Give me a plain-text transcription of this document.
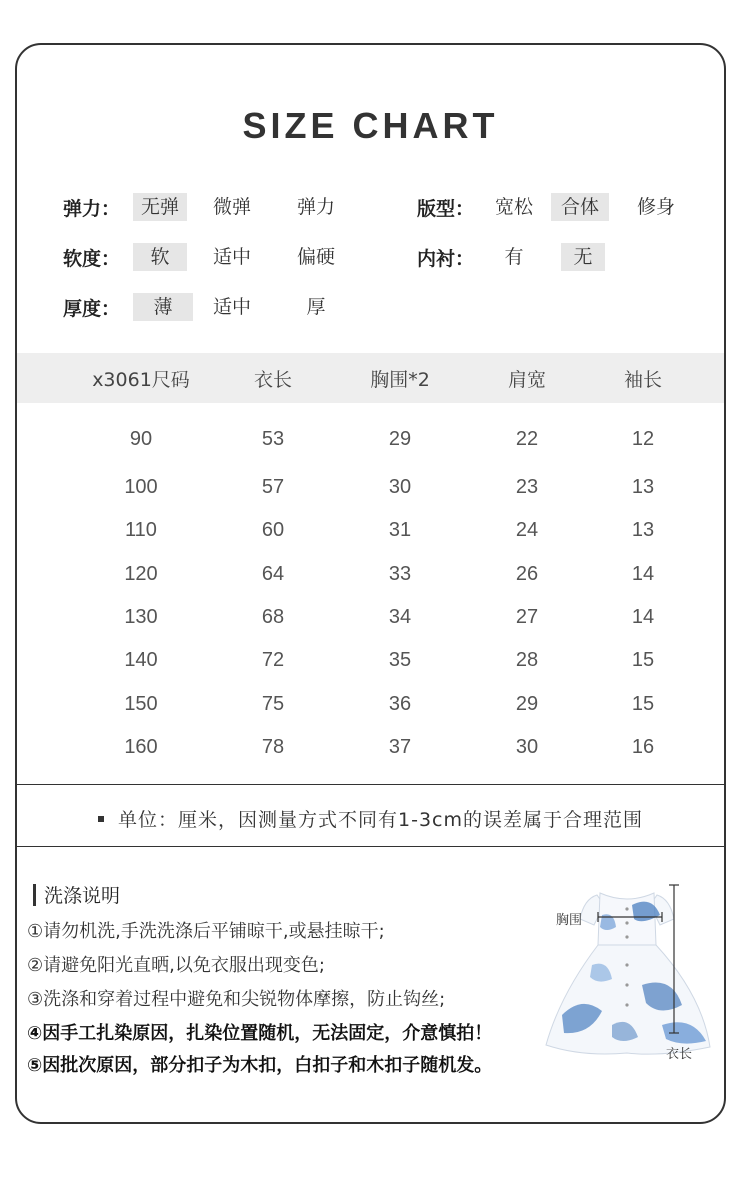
SIZE CHART
弹力：	无弹	微弹	弹力	版型：	宽松	合体	修身
软度：	软	适中	偏硬	内衬：	有	无
厚度：	薄	适中	厚
x3061尺码	衣长	胸围*2	肩宽	袖长
90	53	29	22	12
100	57	30	23	13
110	60	31	24	13
120	64	33	26	14
130	68	34	27	14
140	72	35	28	15
150	75	36	29	15
160	78	37	30	16
单位：厘米，因测量方式不同有1-3cm的误差属于合理范围
洗涤说明
①请勿机洗,手洗洗涤后平铺晾干,或悬挂晾干;
②请避免阳光直晒,以免衣服出现变色;
③洗涤和穿着过程中避免和尖锐物体摩擦，防止钩丝;
④因手工扎染原因，扎染位置随机，无法固定，介意慎拍！
⑤因批次原因，部分扣子为木扣，白扣子和木扣子随机发。
胸围
衣长
